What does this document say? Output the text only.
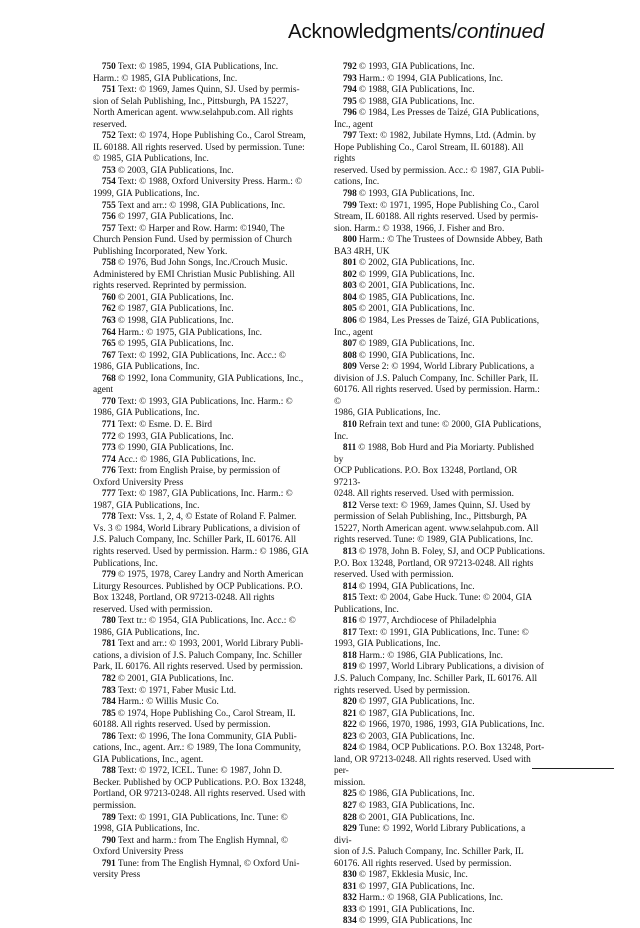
Acknowledgments/continued

750 Text: © 1985, 1994, GIA Publications, Inc.
Harm.: © 1985, GIA Publications, Inc.

751 Text: © 1969, James Quinn, SJ. Used by permis-
sion of Selah Publishing, Inc., Pittsburgh, PA 15227,
North American agent. www.selahpub.com. All rights
reserved.

752 Text: © 1974, Hope Publishing Co., Carol Stream,
IL 60188. All rights reserved. Used by permission. Tune:
© 1985, GIA Publications, Inc.

753 © 2003, GIA Publications, Inc.

754 Text: © 1988, Oxford University Press. Harm.: ©
1999, GIA Publications, Inc.

755 Text and arr.: © 1998, GIA Publications, Inc.

756 © 1997, GIA Publications, Inc.

757 Text: © Harper and Row. Harm: ©1940, The
Church Pension Fund. Used by permission of Church
Publishing Incorporated, New York.

758 © 1976, Bud John Songs, Inc./Crouch Music.
Administered by EMI Christian Music Publishing. All
rights reserved. Reprinted by permission.

760 © 2001, GIA Publications, Inc.

762 © 1987, GIA Publications, Inc.

763 © 1998, GIA Publications, Inc.

764 Harm.: © 1975, GIA Publications, Inc.

765 © 1995, GIA Publications, Inc.

767 Text: © 1992, GIA Publications, Inc. Acc.: ©
1986, GIA Publications, Inc.

768 © 1992, Iona Community, GIA Publications, Inc.,
agent

770 Text: © 1993, GIA Publications, Inc. Harm.: ©
1986, GIA Publications, Inc.

771 Text: © Esme. D. E. Bird

772 © 1993, GIA Publications, Inc.

773 © 1990, GIA Publications, Inc.

774 Acc.: © 1986, GIA Publications, Inc.

776 Text: from English Praise, by permission of
Oxford University Press

777 Text: © 1987, GIA Publications, Inc. Harm.: ©
1987, GIA Publications, Inc.

778 Text: Vss. 1, 2, 4, © Estate of Roland F. Palmer.
Vs. 3 © 1984, World Library Publications, a division of
J.S. Paluch Company, Inc. Schiller Park, IL 60176. All
rights reserved. Used by permission. Harm.: © 1986, GIA
Publications, Inc.

779 © 1975, 1978, Carey Landry and North American
Liturgy Resources. Published by OCP Publications. P.O.
Box 13248, Portland, OR 97213-0248. All rights
reserved. Used with permission.

780 Text tr.: © 1954, GIA Publications, Inc. Acc.: ©
1986, GIA Publications, Inc.

781 Text and arr.: © 1993, 2001, World Library Publi-
cations, a division of J.S. Paluch Company, Inc. Schiller
Park, IL 60176. All rights reserved. Used by permission.

782 © 2001, GIA Publications, Inc.

783 Text: © 1971, Faber Music Ltd.

784 Harm.: © Willis Music Co.

785 © 1974, Hope Publishing Co., Carol Stream, IL
60188. All rights reserved. Used by permission.

786 Text: © 1996, The Iona Community, GIA Publi-
cations, Inc., agent. Arr.: © 1989, The Iona Community,
GIA Publications, Inc., agent.

788 Text: © 1972, ICEL. Tune: © 1987, John D.
Becker. Published by OCP Publications. P.O. Box 13248,
Portland, OR 97213-0248. All rights reserved. Used with
permission.

789 Text: © 1991, GIA Publications, Inc. Tune: ©
1998, GIA Publications, Inc.

790 Text and harm.: from The English Hymnal, ©
Oxford University Press

791 Tune: from The English Hymnal, © Oxford Uni-
versity Press

792 © 1993, GIA Publications, Inc.

793 Harm.: © 1994, GIA Publications, Inc.

794 © 1988, GIA Publications, Inc.

795 © 1988, GIA Publications, Inc.

796 © 1984, Les Presses de Taizé, GIA Publications,
Inc., agent

797 Text: © 1982, Jubilate Hymns, Ltd. (Admin. by
Hope Publishing Co., Carol Stream, IL 60188). All rights
reserved. Used by permission. Acc.: © 1987, GIA Publi-
cations, Inc.

798 © 1993, GIA Publications, Inc.

799 Text: © 1971, 1995, Hope Publishing Co., Carol
Stream, IL 60188. All rights reserved. Used by permis-
sion. Harm.: © 1938, 1966, J. Fisher and Bro.

800 Harm.: © The Trustees of Downside Abbey, Bath
BA3 4RH, UK

801 © 2002, GIA Publications, Inc.

802 © 1999, GIA Publications, Inc.

803 © 2001, GIA Publications, Inc.

804 © 1985, GIA Publications, Inc.

805 © 2001, GIA Publications, Inc.

806 © 1984, Les Presses de Taizé, GIA Publications,
Inc., agent

807 © 1989, GIA Publications, Inc.

808 © 1990, GIA Publications, Inc.

809 Verse 2: © 1994, World Library Publications, a
division of J.S. Paluch Company, Inc. Schiller Park, IL
60176. All rights reserved. Used by permission. Harm.: ©
1986, GIA Publications, Inc.

810 Refrain text and tune: © 2000, GIA Publications,
Inc.

811 © 1988, Bob Hurd and Pia Moriarty. Published by
OCP Publications. P.O. Box 13248, Portland, OR 97213-
0248. All rights reserved. Used with permission.

812 Verse text: © 1969, James Quinn, SJ. Used by
permission of Selah Publishing, Inc., Pittsburgh, PA
15227, North American agent. www.selahpub.com. All
rights reserved. Tune: © 1989, GIA Publications, Inc.

813 © 1978, John B. Foley, SJ, and OCP Publications.
P.O. Box 13248, Portland, OR 97213-0248. All rights
reserved. Used with permission.

814 © 1994, GIA Publications, Inc.

815 Text: © 2004, Gabe Huck. Tune: © 2004, GIA
Publications, Inc.

816 © 1977, Archdiocese of Philadelphia

817 Text: © 1991, GIA Publications, Inc. Tune: ©
1993, GIA Publications, Inc.

818 Harm.: © 1986, GIA Publications, Inc.

819 © 1997, World Library Publications, a division of
J.S. Paluch Company, Inc. Schiller Park, IL 60176. All
rights reserved. Used by permission.

820 © 1997, GIA Publications, Inc.

821 © 1987, GIA Publications, Inc.

822 © 1966, 1970, 1986, 1993, GIA Publications, Inc.

823 © 2003, GIA Publications, Inc.

824 © 1984, OCP Publications. P.O. Box 13248, Port-
land, OR 97213-0248. All rights reserved. Used with per-
mission.

825 © 1986, GIA Publications, Inc.

827 © 1983, GIA Publications, Inc.

828 © 2001, GIA Publications, Inc.

829 Tune: © 1992, World Library Publications, a divi-
sion of J.S. Paluch Company, Inc. Schiller Park, IL
60176. All rights reserved. Used by permission.

830 © 1987, Ekklesia Music, Inc.

831 © 1997, GIA Publications, Inc.

832 Harm.: © 1968, GIA Publications, Inc.

833 © 1991, GIA Publications, Inc.

834 © 1999, GIA Publications, Inc
